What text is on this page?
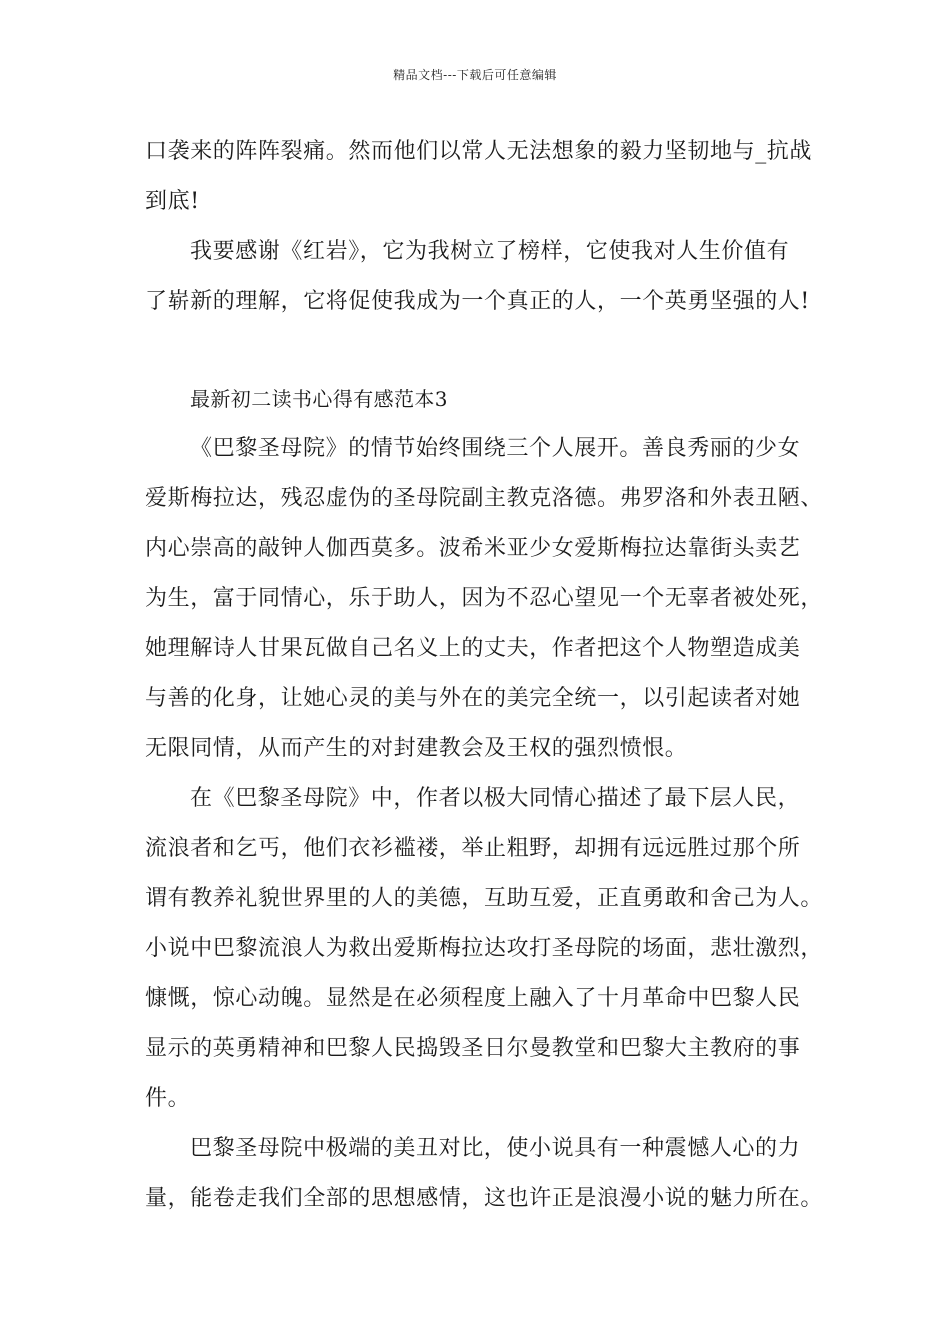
精品文档---下载后可任意编辑
口袭来的阵阵裂痛。然而他们以常人无法想象的毅力坚韧地与_抗战
到底!
我要感谢《红岩》，它为我树立了榜样，它使我对人生价值有
了崭新的理解，它将促使我成为一个真正的人，一个英勇坚强的人!
最新初二读书心得有感范本3
《巴黎圣母院》的情节始终围绕三个人展开。善良秀丽的少女
爱斯梅拉达，残忍虚伪的圣母院副主教克洛德。弗罗洛和外表丑陋、
内心崇高的敲钟人伽西莫多。波希米亚少女爱斯梅拉达靠街头卖艺
为生，富于同情心，乐于助人，因为不忍心望见一个无辜者被处死，
她理解诗人甘果瓦做自己名义上的丈夫，作者把这个人物塑造成美
与善的化身，让她心灵的美与外在的美完全统一，以引起读者对她
无限同情，从而产生的对封建教会及王权的强烈愤恨。
在《巴黎圣母院》中，作者以极大同情心描述了最下层人民，
流浪者和乞丐，他们衣衫褴褛，举止粗野，却拥有远远胜过那个所
谓有教养礼貌世界里的人的美德，互助互爱，正直勇敢和舍己为人。
小说中巴黎流浪人为救出爱斯梅拉达攻打圣母院的场面，悲壮激烈，
慷慨，惊心动魄。显然是在必须程度上融入了十月革命中巴黎人民
显示的英勇精神和巴黎人民捣毁圣日尔曼教堂和巴黎大主教府的事
件。
巴黎圣母院中极端的美丑对比，使小说具有一种震憾人心的力
量，能卷走我们全部的思想感情，这也许正是浪漫小说的魅力所在。
